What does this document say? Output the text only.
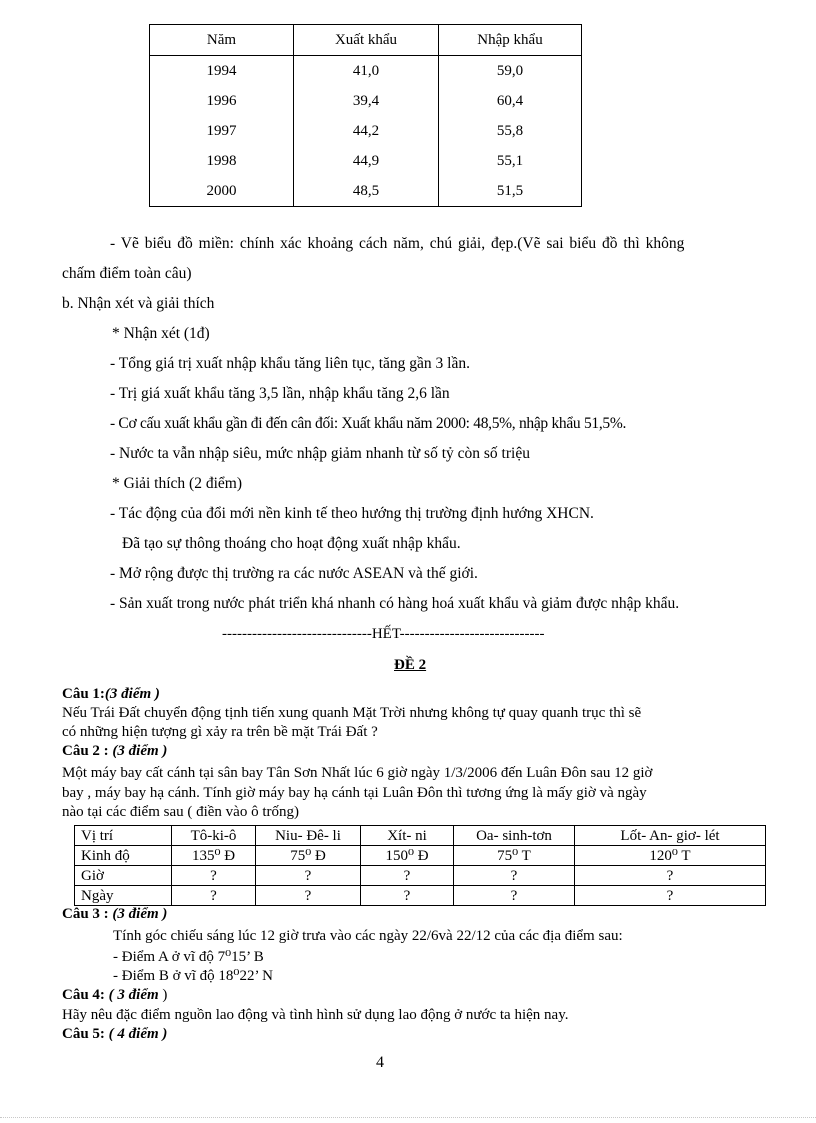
Năm	Xuất khẩu	Nhập khẩu
1994	41,0	59,0
1996	39,4	60,4
1997	44,2	55,8
1998	44,9	55,1
2000	48,5	51,5
- Vẽ biểu đồ miền: chính xác khoảng cách năm, chú giải, đẹp.(Vẽ sai biểu đồ thì không
chấm điểm toàn câu)
b. Nhận xét và giải thích
* Nhận xét (1đ)
- Tổng giá trị xuất nhập khẩu tăng liên tục, tăng gần 3 lần.
- Trị giá xuất khẩu tăng 3,5 lần, nhập khẩu tăng 2,6 lần
- Cơ cấu xuất khẩu gần đi đến cân đối: Xuất khẩu năm 2000: 48,5%, nhập khẩu 51,5%.
- Nước ta vẫn nhập siêu, mức nhập giảm nhanh từ số tỷ còn số triệu
* Giải thích (2 điểm)
- Tác động của đổi mới nền kinh tế theo hướng thị trường định hướng XHCN.
Đã tạo sự thông thoáng cho hoạt động xuất nhập khẩu.
- Mở rộng được thị trường ra các nước ASEAN và thế giới.
- Sản xuất trong nước phát triển khá nhanh có hàng hoá xuất khẩu và giảm được nhập khẩu.
------------------------------HẾT-----------------------------
ĐỀ 2
Câu 1:(3 điểm )
Nếu Trái Đất chuyển động tịnh tiến xung quanh Mặt Trời nhưng không tự quay quanh trục thì sẽ
có những hiện tượng gì xảy ra trên bề mặt Trái Đất ?
Câu 2 : (3 điểm )
Một máy bay cất cánh tại sân bay Tân Sơn Nhất lúc 6 giờ ngày 1/3/2006 đến Luân Đôn sau 12 giờ
bay , máy bay hạ cánh. Tính giờ máy bay hạ cánh tại Luân Đôn thì tương ứng là mấy giờ và ngày
nào tại các điểm sau ( điền vào ô trống)
Vị trí	Tô-ki-ô	Niu- Đê- li	Xít- ni	Oa- sinh-tơn	Lốt- An- giơ- lét
Kinh độ	135⁰ Đ	75⁰ Đ	150⁰ Đ	75⁰ T	120⁰ T
Giờ	?	?	?	?	?
Ngày	?	?	?	?	?
Câu 3 : (3 điểm )
Tính góc chiếu sáng lúc 12 giờ trưa vào các ngày 22/6và 22/12 của các địa điểm sau:
- Điểm A ở vĩ độ 7⁰15’ B
- Điểm B ở vĩ độ 18⁰22’ N
Câu 4: ( 3 điểm )
Hãy nêu đặc điểm nguồn lao động và tình hình sử dụng lao động ở nước ta hiện nay.
Câu 5: ( 4 điểm )
4
